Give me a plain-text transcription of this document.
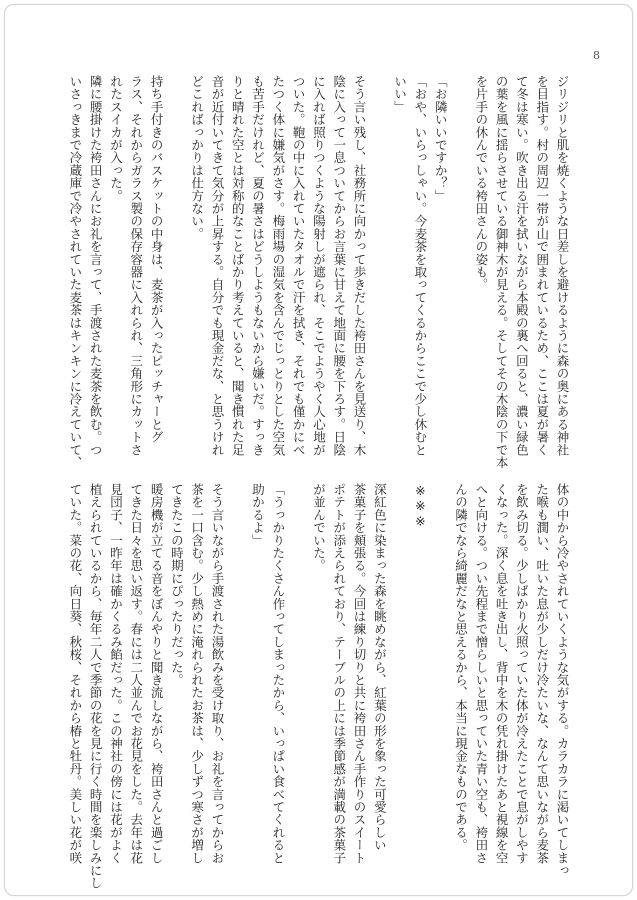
8
ジリジリと肌を焼くような日差しを避けるように森の奥にある神社
を目指す。村の周辺一帯が山で囲まれているため、ここは夏が暑く
て冬は寒い。吹き出る汗を拭いながら本殿の裏へ回ると、濃い緑色
の葉を風に揺らさせている御神木が見える。そしてその木陰の下で本
を片手の休んでいる袴田さんの姿も。
「お隣いいですか？」
「おや、いらっしゃい。今麦茶を取ってくるからここで少し休むと
いい」
そう言い残し、社務所に向かって歩きだした袴田さんを見送り、木
陰に入って一息ついてからお言葉に甘えて地面に腰を下ろす。日陰
に入れば照りつくような陽射しが遮られ、そこでようやく人心地が
ついた。鞄の中に入れていたタオルで汗を拭き、それでも僅かにべ
たつく体に嫌気がさす。梅雨場の湿気を含んでじっとりとした空気
も苦手だけれど、夏の暑さはどうしようもないから嫌いだ。すっき
りと晴れた空とは対称的なことばかり考えていると、聞き慣れた足
音が近付いてきて気分が上昇する。自分でも現金だな、と思うけれ
どこればっかりは仕方ない。
持ち手付きのバスケットの中身は、麦茶が入ったピッチャーとグ
ラス、それからガラス製の保存容器に入れられ、三角形にカットさ
れたスイカが入った。
隣に腰掛けた袴田さんにお礼を言って、手渡された麦茶を飲む。つ
いさっきまで冷蔵庫で冷やされていた麦茶はキンキンに冷えていて、
体の中から冷やされていくような気がする。カラカラに渇いてしまっ
た喉も潤い、吐いた息が少しだけ冷たいな、なんて思いながら麦茶
を飲み切る。少しばかり火照っていた体が冷えたことで息がしやす
くなった。深く息を吐き出し、背中を木の凭れ掛けたあと視線を空
へと向ける。つい先程まで憎らしいと思っていた青い空も、袴田さ
んの隣でなら綺麗だなと思えるから、本当に現金なものである。
※※※
深紅色に染まった森を眺めながら、紅葉の形を象った可愛らしい
茶菓子を頬張る。今回は練り切りと共に袴田さん手作りのスイート
ポテトが添えられており、テーブルの上には季節感が満載の茶菓子
が並んでいた。
「うっかりたくさん作ってしまったから、いっぱい食べてくれると
助かるよ」
そう言いながら手渡された湯飲みを受け取り、お礼を言ってからお
茶を一口含む。少し熱めに淹れられたお茶は、少しずつ寒さが増し
てきたこの時期にぴったりだった。
暖房機が立てる音をぼんやりと聞き流しながら、袴田さんと過ごし
てきた日々を思い返す。春には二人並んでお花見をした。去年は花
見団子、一昨年は確かくるみ餡だった。この神社の傍には花がよく
植えられているから、毎年二人で季節の花を見に行く時間を楽しみにし
ていた。菜の花、向日葵、秋桜、それから椿と牡丹。美しい花が咲
